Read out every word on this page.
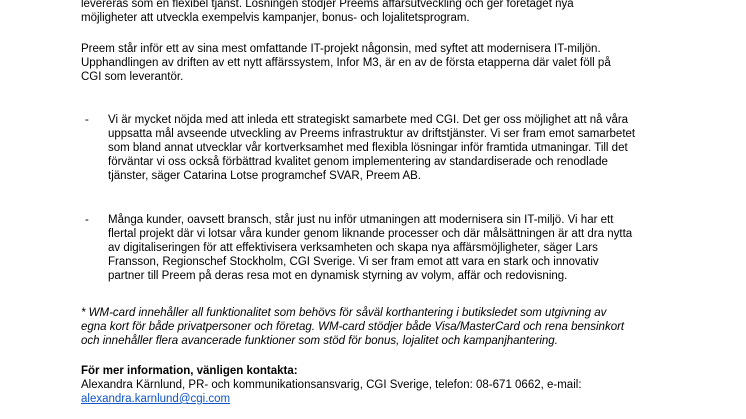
levereras som en flexibel tjänst. Lösningen stödjer Preems affärsutveckling och ger företaget nya
möjligheter att utveckla exempelvis kampanjer, bonus- och lojalitetsprogram.
Preem står inför ett av sina mest omfattande IT-projekt någonsin, med syftet att modernisera IT-miljön.
Upphandlingen av driften av ett nytt affärssystem, Infor M3, är en av de första etapperna där valet föll på
CGI som leverantör.
- Vi är mycket nöjda med att inleda ett strategiskt samarbete med CGI. Det ger oss möjlighet att nå våra
uppsatta mål avseende utveckling av Preems infrastruktur av driftstjänster. Vi ser fram emot samarbetet
som bland annat utvecklar vår kortverksamhet med flexibla lösningar inför framtida utmaningar. Till det
förväntar vi oss också förbättrad kvalitet genom implementering av standardiserade och renodlade
tjänster, säger Catarina Lotse programchef SVAR, Preem AB.
- Många kunder, oavsett bransch, står just nu inför utmaningen att modernisera sin IT-miljö. Vi har ett
flertal projekt där vi lotsar våra kunder genom liknande processer och där målsättningen är att dra nytta
av digitaliseringen för att effektivisera verksamheten och skapa nya affärsmöjligheter, säger Lars
Fransson, Regionschef Stockholm, CGI Sverige. Vi ser fram emot att vara en stark och innovativ
partner till Preem på deras resa mot en dynamisk styrning av volym, affär och redovisning.
* WM-card innehåller all funktionalitet som behövs för såväl korthantering i butiksledet som utgivning av
egna kort för både privatpersoner och företag. WM-card stödjer både Visa/MasterCard och rena bensinkort
och innehåller flera avancerade funktioner som stöd för bonus, lojalitet och kampanjhantering.
För mer information, vänligen kontakta:
Alexandra Kärnlund, PR- och kommunikationsansvarig, CGI Sverige, telefon: 08-671 0662, e-mail:
alexandra.karnlund@cgi.com
